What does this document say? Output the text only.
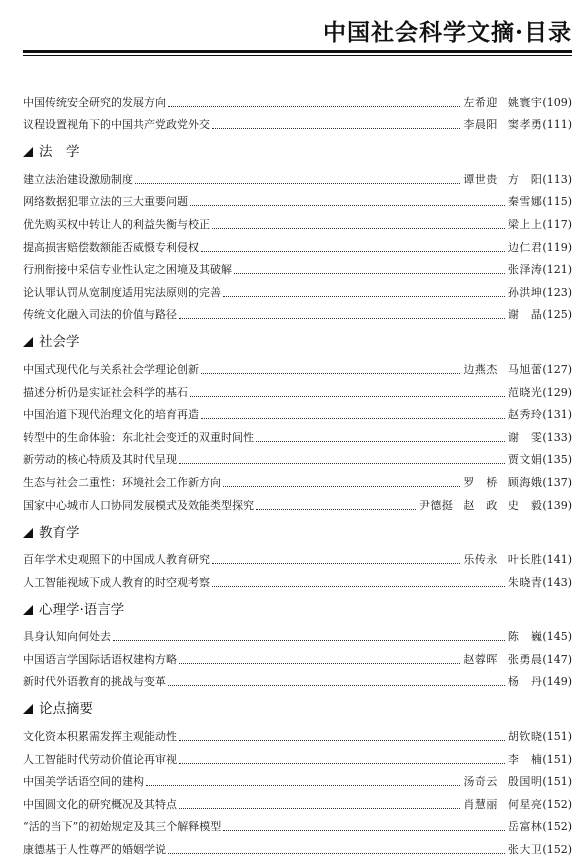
中国社会科学文摘·目录
中国传统安全研究的发展方向	左希迎 姚寰宇 (109)
议程设置视角下的中国共产党政党外交	李晨阳 窦孝勇 (111)
法　学
建立法治建设激励制度	谭世贵 方　阳 (113)
网络数据犯罪立法的三大重要问题	秦雪娜 (115)
优先购买权中转让人的利益失衡与校正	梁上上 (117)
提高损害赔偿数额能否威慑专利侵权	边仁君 (119)
行刑衔接中采信专业性认定之困境及其破解	张泽涛 (121)
论认罪认罚从宽制度适用宪法原则的完善	孙洪坤 (123)
传统文化融入司法的价值与路径	谢　晶 (125)
社会学
中国式现代化与关系社会学理论创新	边燕杰 马旭蕾 (127)
描述分析仍是实证社会科学的基石	范晓光 (129)
中国治道下现代治理文化的培育再造	赵秀玲 (131)
转型中的生命体验：东北社会变迁的双重时间性	谢　雯 (133)
新劳动的核心特质及其时代呈现	贾文娟 (135)
生态与社会二重性：环境社会工作新方向	罗　桥 顾海娥 (137)
国家中心城市人口协同发展模式及效能类型探究	尹德挺 赵　政 史　毅 (139)
教育学
百年学术史观照下的中国成人教育研究	乐传永 叶长胜 (141)
人工智能视域下成人教育的时空观考察	朱晓青 (143)
心理学·语言学
具身认知向何处去	陈　巍 (145)
中国语言学国际话语权建构方略	赵蓉晖 张勇晨 (147)
新时代外语教育的挑战与变革	杨　丹 (149)
论点摘要
文化资本积累需发挥主观能动性	胡钦晓 (151)
人工智能时代劳动价值论再审视	李　楠 (151)
中国美学话语空间的建构	汤奇云 殷国明 (151)
中国圆文化的研究概况及其特点	肖慧丽 何星亮 (152)
“活的当下”的初始规定及其三个解释模型	岳富林 (152)
康德基于人性尊严的婚姻学说	张大卫 (152)
